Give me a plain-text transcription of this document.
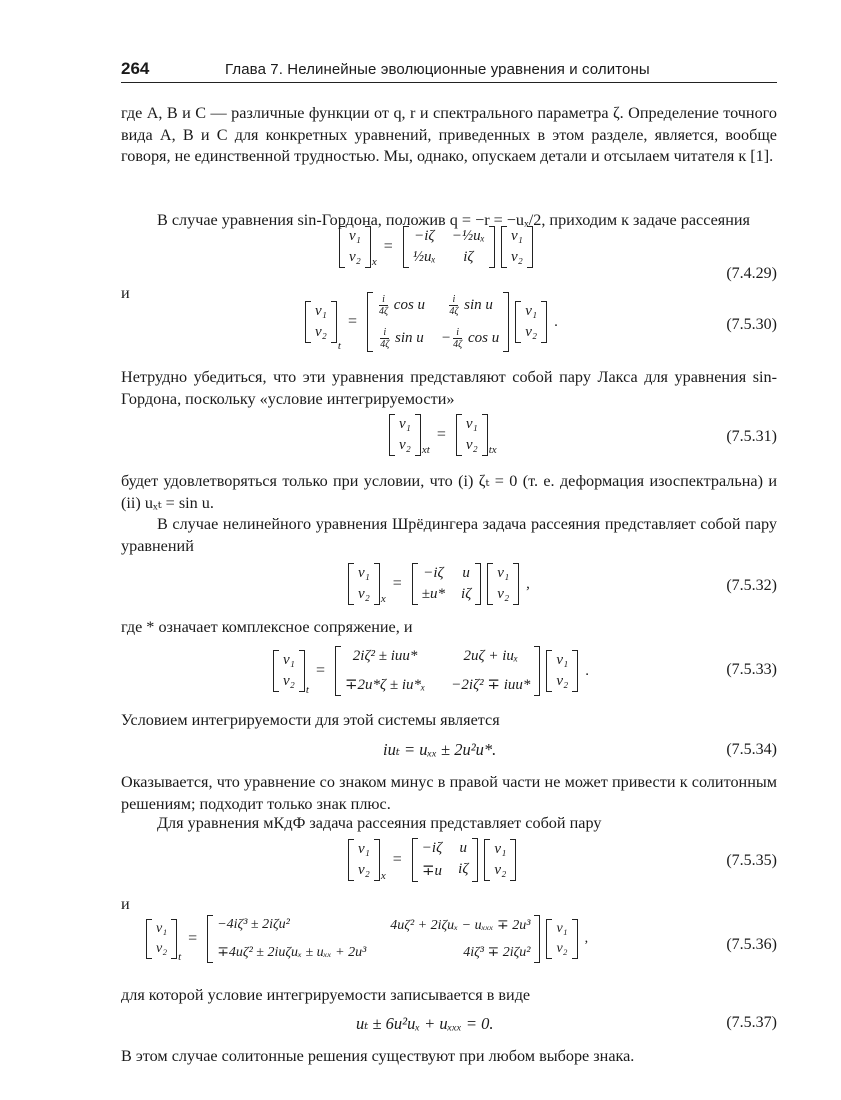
264	Глава 7. Нелинейные эволюционные уравнения и солитоны
где A, B и C — различные функции от q, r и спектрального параметра ζ. Определение точного вида A, B и C для конкретных уравнений, приведенных в этом разделе, является, вообще говоря, не единственной трудностью. Мы, однако, опускаем детали и отсылаем читателя к [1].
В случае уравнения sin-Гордона, положив q = −r = −uₓ/2, приходим к задаче рассеяния
v₁
v₂ x
=
−iζ −½uₓ
½uₓ	iζ
v₁
v₂
(7.4.29)
и
v₁
v₂
t
=
$\frac{i}{4\zeta}$ cos u $\frac{i}{4\zeta}$ sin u
$\frac{i}{4\zeta}$ $\sin u - \frac{i}{4\zeta}$ cos u
v₁
v₂
.	(7.5.30)
Нетрудно убедиться, что эти уравнения представляют собой пару Лакса для уравнения sin-Гордона, поскольку «условие интегрируемости»
v₁
v₂ xt
=
v₁
v₂ tx
(7.5.31)
будет удовлетворяться только при условии, что (i) ζₜ = 0 (т. е. деформация изоспектральна) и (ii) uₓₜ = sin u.
В случае нелинейного уравнения Шрёдингера задача рассеяния представляет собой пару уравнений
v₁
v₂ x
=
−iζ u
±u* iζ
v₁
v₂
,	(7.5.32)
где * означает комплексное сопряжение, и
v₁
v₂
t
=
2iζ² ± iuu*	2uζ + iuₓ
∓2u*ζ ± iu*ₓ −2iζ² ∓ iuu*
v₁
v₂
.	(7.5.33)
Условием интегрируемости для этой системы является
iuₜ = uₓₓ ± 2u²u*.	(7.5.34)
Оказывается, что уравнение со знаком минус в правой части не может привести к солитонным решениям; подходит только знак плюс.
Для уравнения мКдФ задача рассеяния представляет собой пару
v₁
v₂ x
=
−iζ u
∓u iζ
v₁
v₂
(7.5.35)
и
v₁
v₂
t
=
−4iζ³ ± 2iζu²	4uζ² + 2iζuₓ − uₓₓₓ ∓ 2u³
∓4uζ² ± 2iuζuₓ ± uₓₓ + 2u³	4iζ³ ∓ 2iζu²
v₁
v₂
,	(7.5.36)
для которой условие интегрируемости записывается в виде
uₜ ± 6u²uₓ + uₓₓₓ = 0.	(7.5.37)
В этом случае солитонные решения существуют при любом выборе знака.
